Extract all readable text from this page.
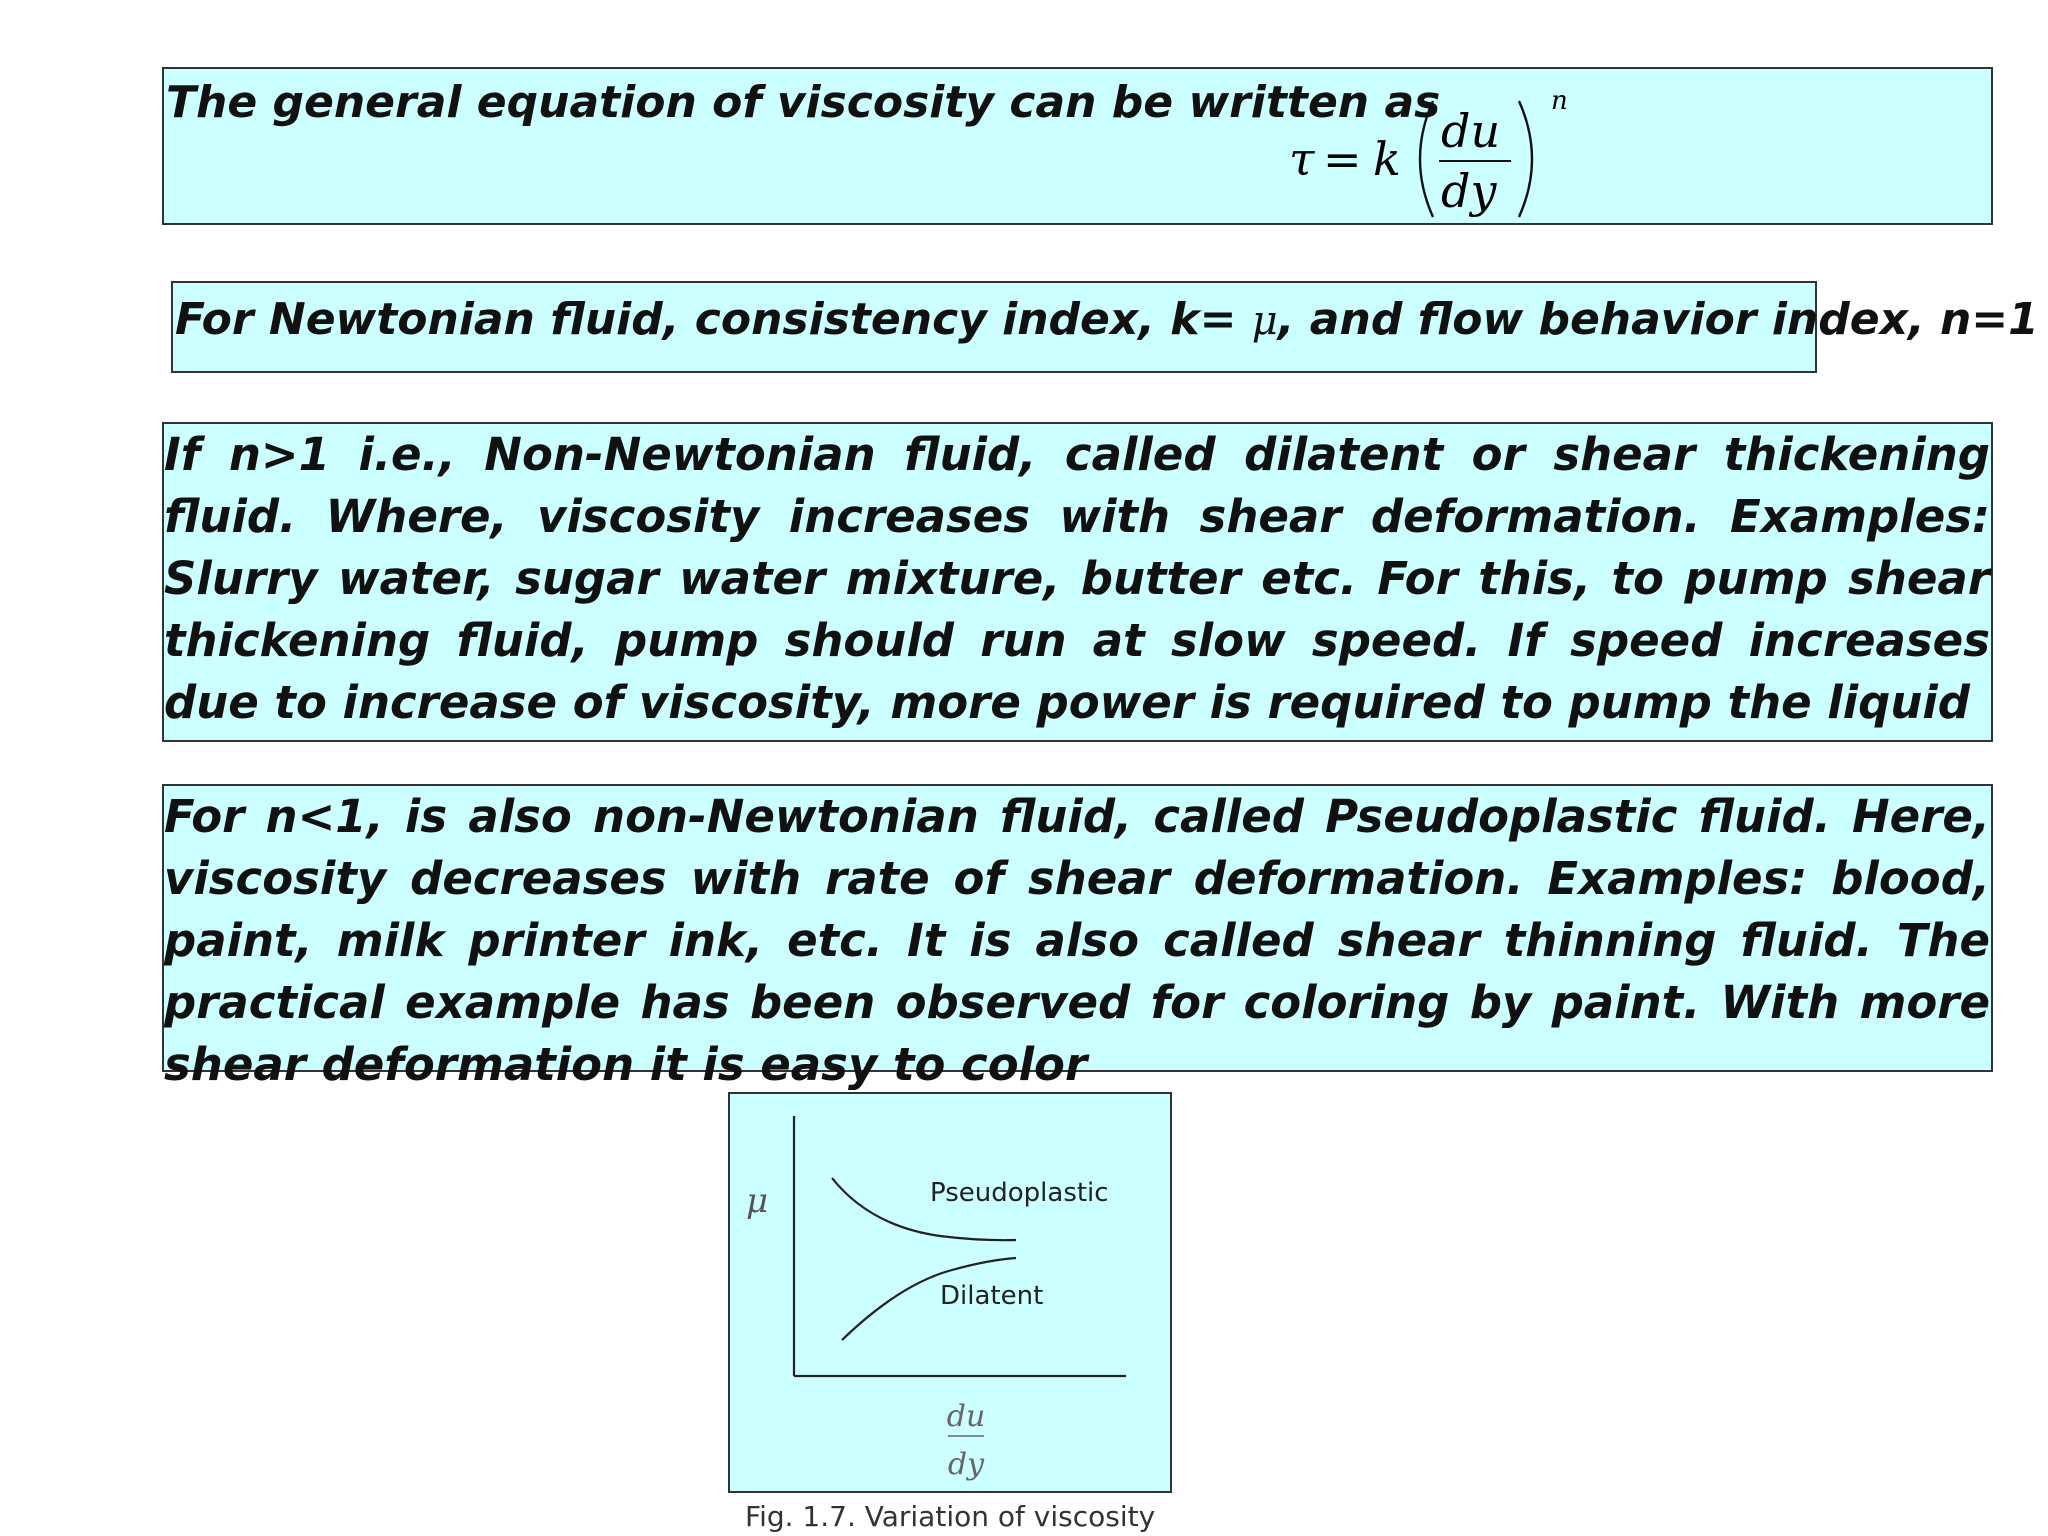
The general equation of viscosity can be written as
τ = k
du
dy
n
For Newtonian fluid, consistency index, k= μ, and flow behavior index, n=1
If n>1 i.e., Non-Newtonian fluid, called dilatent or shear thickening fluid. Where, viscosity increases with shear deformation. Examples: Slurry water, sugar water mixture, butter etc. For this, to pump shear thickening fluid, pump should run at slow speed. If speed increases due to increase of viscosity, more power is required to pump the liquid
For n<1, is also non-Newtonian fluid, called Pseudoplastic fluid. Here, viscosity decreases with rate of shear deformation. Examples: blood, paint, milk printer ink, etc. It is also called shear thinning fluid. The practical example has been observed for coloring by paint. With more shear deformation it is easy to color
μ	Pseudoplastic
Dilatent
du
dy
Fig. 1.7. Variation of viscosity
